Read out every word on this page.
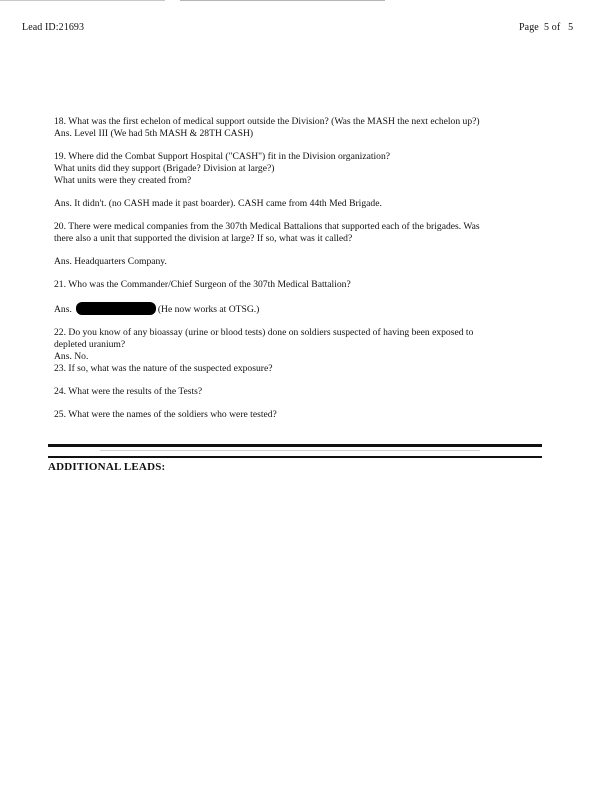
Lead ID:21693	Page 5 of 5

18. What was the first echelon of medical support outside the Division? (Was the MASH the next echelon up?)

Ans. Level III (We had 5th MASH & 28TH CASH)

19. Where did the Combat Support Hospital ("CASH") fit in the Division organization?

What units did they support (Brigade? Division at large?)

What units were they created from?

Ans. It didn't. (no CASH made it past boarder). CASH came from 44th Med Brigade.

20. There were medical companies from the 307th Medical Battalions that supported each of the brigades. Was

there also a unit that supported the division at large? If so, what was it called?

Ans. Headquarters Company.

21. Who was the Commander/Chief Surgeon of the 307th Medical Battalion?

Ans.	(He now works at OTSG.)

22. Do you know of any bioassay (urine or blood tests) done on soldiers suspected of having been exposed to

depleted uranium?

Ans. No.

23. If so, what was the nature of the suspected exposure?

24. What were the results of the Tests?

25. What were the names of the soldiers who were tested?

ADDITIONAL LEADS:
